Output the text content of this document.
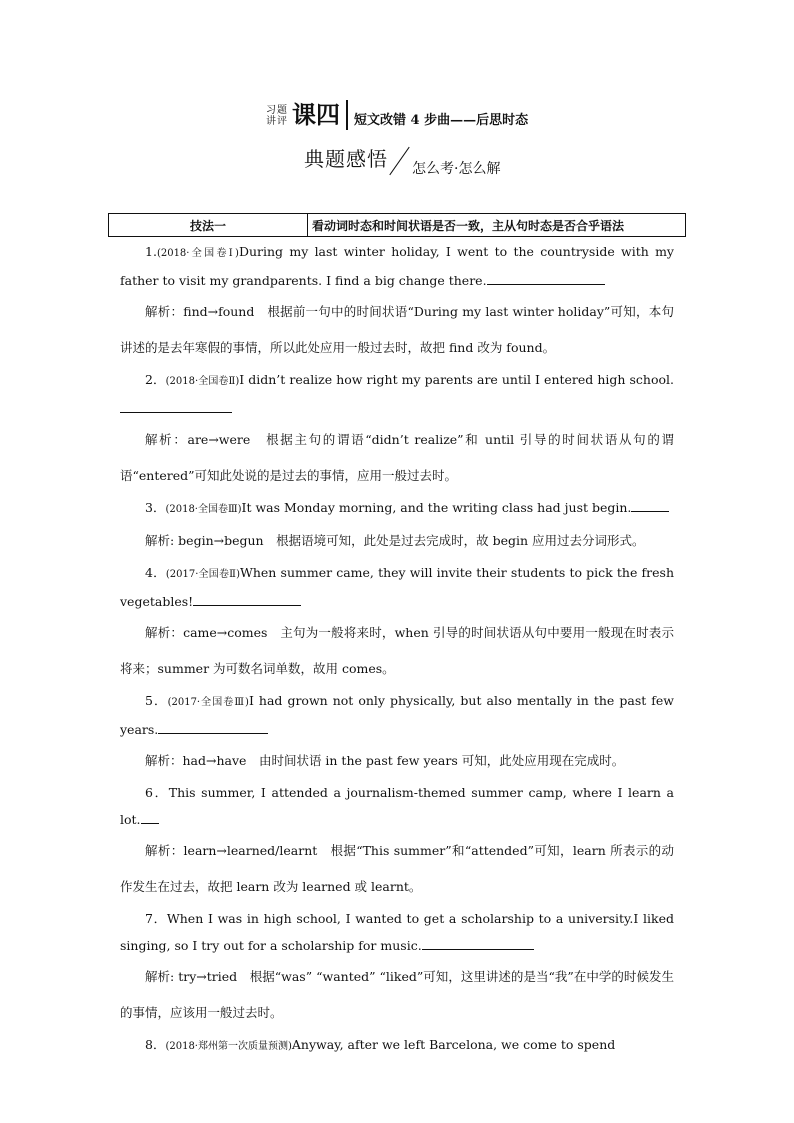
习题
讲评 课四	短文改错 4 步曲——后思时态
典题感悟 怎么考·怎么解
技法一	看动词时态和时间状语是否一致，主从句时态是否合乎语法

1.(2018·全国卷Ⅰ)During my last winter holiday, I went to the countryside with my father to visit my grandparents. I find a big change there.

解析：find→found　根据前一句中的时间状语“During my last winter holiday”可知，本句讲述的是去年寒假的事情，所以此处应用一般过去时，故把 find 改为 found。

2．(2018·全国卷Ⅱ)I didn’t realize how right my parents are until I entered high school.

解析：are→were　根据主句的谓语“didn’t realize”和 until 引导的时间状语从句的谓语“entered”可知此处说的是过去的事情，应用一般过去时。

3．(2018·全国卷Ⅲ)It was Monday morning, and the writing class had just begin.

解析: begin→begun　根据语境可知，此处是过去完成时，故 begin 应用过去分词形式。

4．(2017·全国卷Ⅱ)When summer came, they will invite their students to pick the fresh vegetables!

解析：came→comes　主句为一般将来时，when 引导的时间状语从句中要用一般现在时表示将来；summer 为可数名词单数，故用 comes。

5．(2017·全国卷Ⅲ)I had grown not only physically, but also mentally in the past few years.

解析：had→have　由时间状语 in the past few years 可知，此处应用现在完成时。

6．This summer, I attended a journalism-themed summer camp, where I learn a lot.

解析：learn→learned/learnt　根据“This summer”和“attended”可知，learn 所表示的动作发生在过去，故把 learn 改为 learned 或 learnt。

7．When I was in high school, I wanted to get a scholarship to a university.I liked singing, so I try out for a scholarship for music.

解析: try→tried　根据“was” “wanted” “liked”可知，这里讲述的是当“我”在中学的时候发生的事情，应该用一般过去时。

8．(2018·郑州第一次质量预测)Anyway, after we left Barcelona, we come to spend
